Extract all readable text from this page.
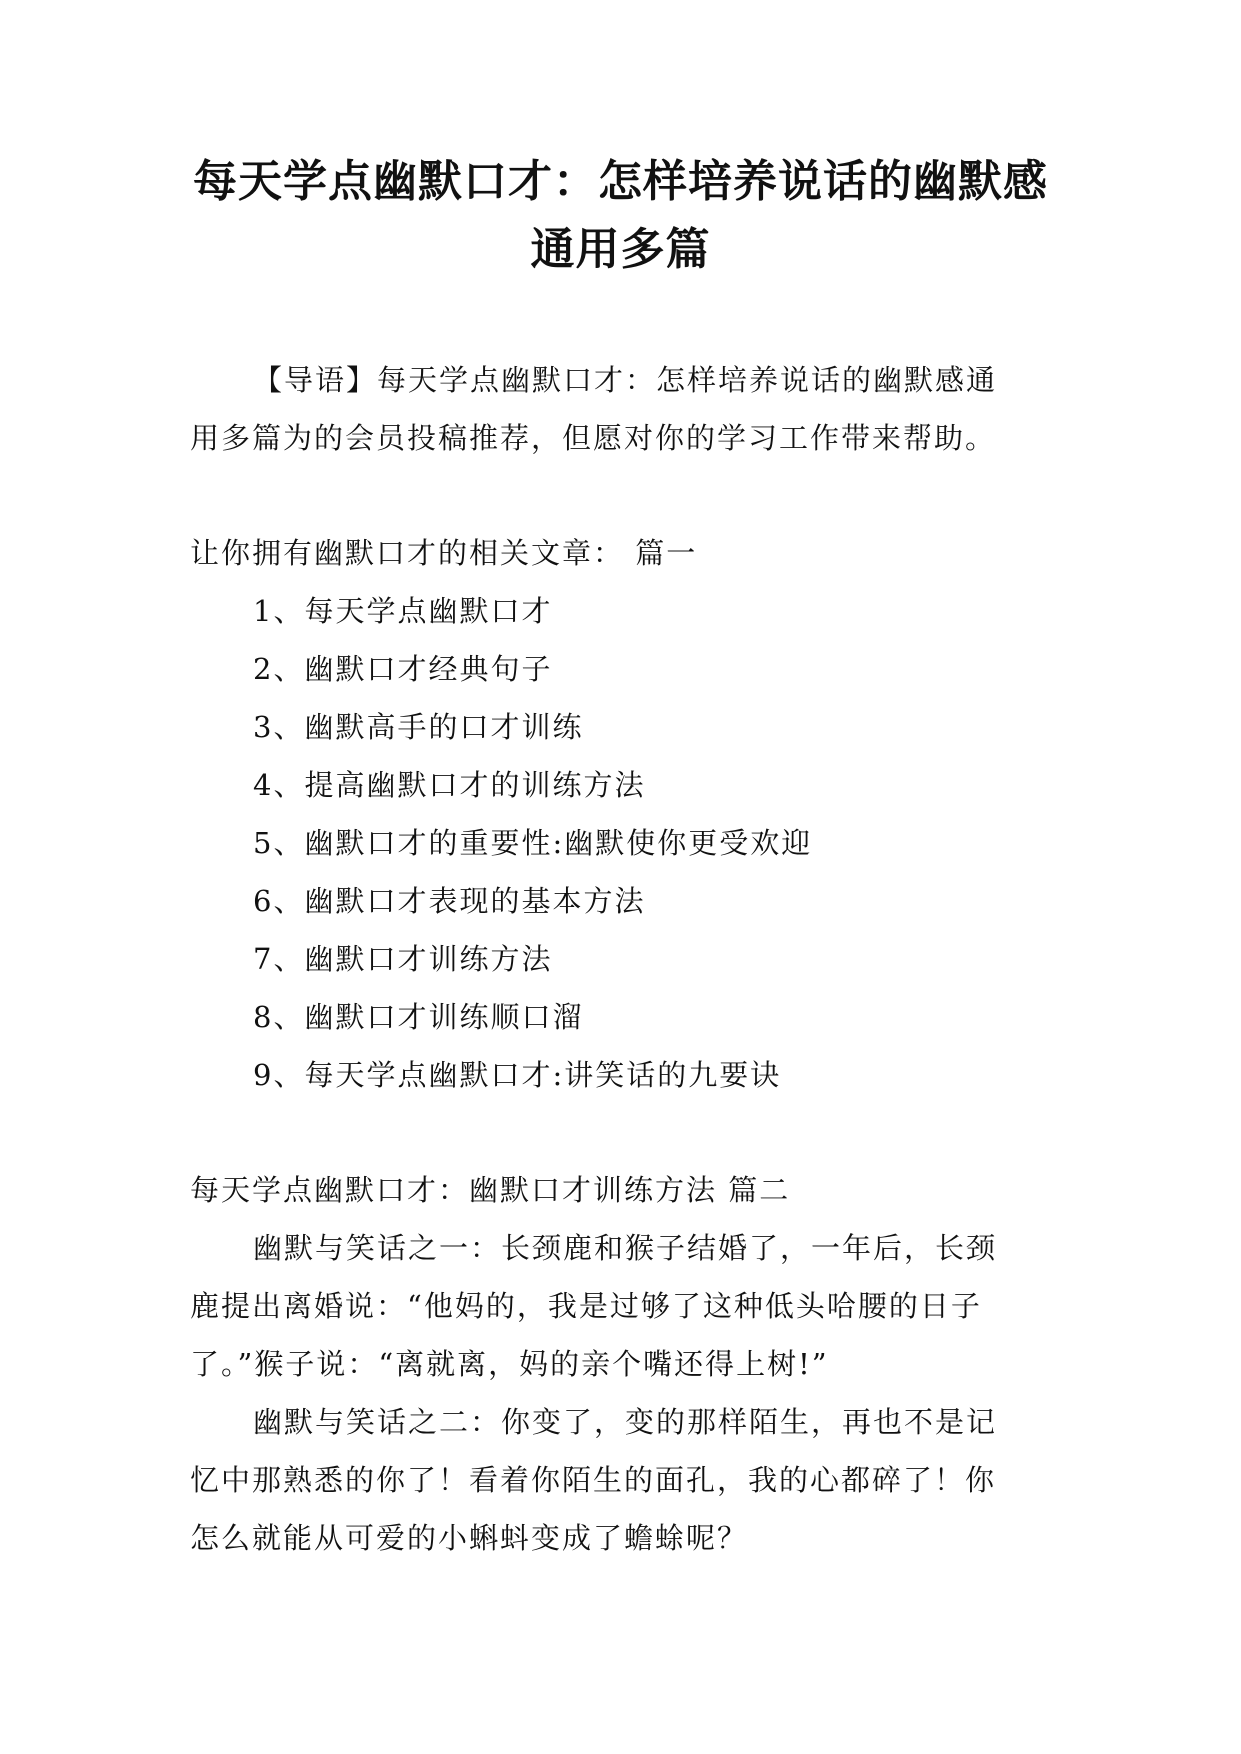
每天学点幽默口才：怎样培养说话的幽默感
通用多篇
【导语】每天学点幽默口才：怎样培养说话的幽默感通
用多篇为的会员投稿推荐，但愿对你的学习工作带来帮助。
让你拥有幽默口才的相关文章： 篇一
1、每天学点幽默口才
2、幽默口才经典句子
3、幽默高手的口才训练
4、提高幽默口才的训练方法
5、幽默口才的重要性:幽默使你更受欢迎
6、幽默口才表现的基本方法
7、幽默口才训练方法
8、幽默口才训练顺口溜
9、每天学点幽默口才:讲笑话的九要诀
每天学点幽默口才：幽默口才训练方法 篇二
幽默与笑话之一：长颈鹿和猴子结婚了，一年后，长颈
鹿提出离婚说：“他妈的，我是过够了这种低头哈腰的日子
了。”猴子说：“离就离，妈的亲个嘴还得上树!”
幽默与笑话之二：你变了，变的那样陌生，再也不是记
忆中那熟悉的你了！看着你陌生的面孔，我的心都碎了！你
怎么就能从可爱的小蝌蚪变成了蟾蜍呢？
